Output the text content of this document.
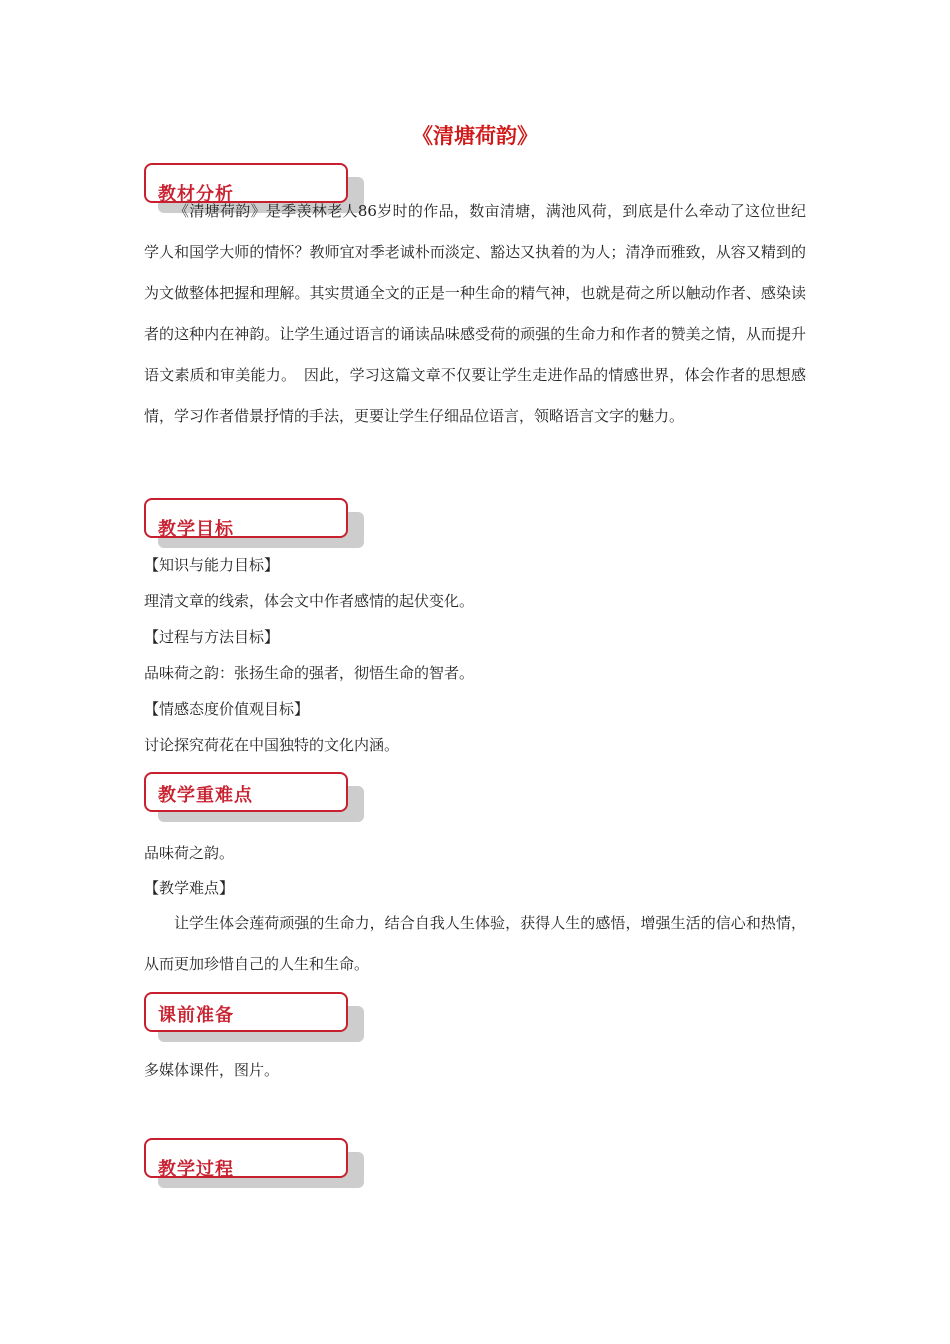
《清塘荷韵》
教材分析

《清塘荷韵》是季羡林老人86岁时的作品，数亩清塘，满池风荷，到底是什么牵动了这位世纪学人和国学大师的情怀？教师宜对季老诚朴而淡定、豁达又执着的为人；清净而雅致，从容又精到的为文做整体把握和理解。其实贯通全文的正是一种生命的精气神，也就是荷之所以触动作者、感染读者的这种内在神韵。让学生通过语言的诵读品味感受荷的顽强的生命力和作者的赞美之情，从而提升语文素质和审美能力。　因此，学习这篇文章不仅要让学生走进作品的情感世界，体会作者的思想感情，学习作者借景抒情的手法，更要让学生仔细品位语言，领略语言文字的魅力。

教学目标

【知识与能力目标】

理清文章的线索，体会文中作者感情的起伏变化。

【过程与方法目标】

品味荷之韵：张扬生命的强者，彻悟生命的智者。

【情感态度价值观目标】

讨论探究荷花在中国独特的文化内涵。

教学重难点

品味荷之韵。

【教学难点】

让学生体会莲荷顽强的生命力，结合自我人生体验，获得人生的感悟，增强生活的信心和热情，从而更加珍惜自己的人生和生命。

课前准备

多媒体课件，图片。

教学过程
